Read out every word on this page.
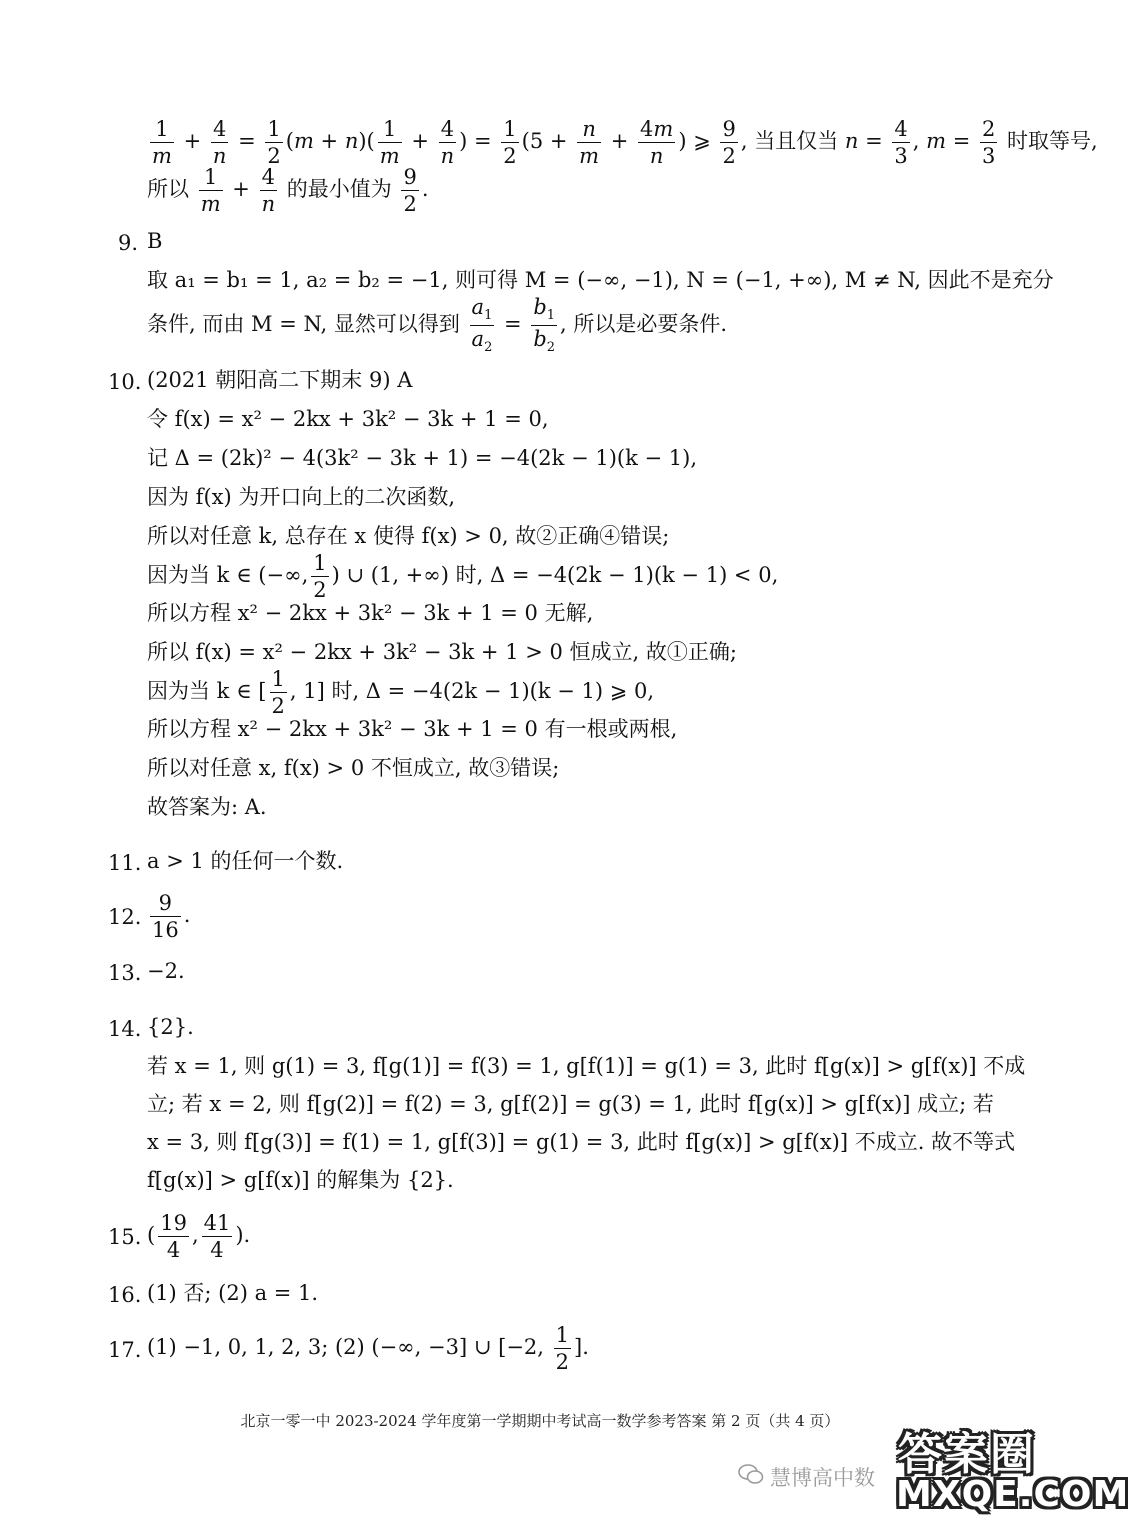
$\frac{1}{m} + \frac{4}{n} = \frac{1}{2} (m + n)( \frac{1}{m} + \frac{4}{n}$ ) = $\frac{1}{2} (5 + \frac{n}{m} + \frac{4m}{n}$ ) ⩾ $\frac{9}{2}$ , 当且仅当 $n = \frac{4}{3}$ , $m = \frac{2}{3}$ 时取等号,
所以 $\frac{1}{m} + \frac{4}{n}$ 的最小值为 $\frac{9}{2}$ .
9. B
取 a₁ = b₁ = 1, a₂ = b₂ = −1, 则可得 M = (−∞, −1), N = (−1, +∞), M ≠ N, 因此不是充分
条件, 而由 M = N, 显然可以得到 $\frac{a_1}{a_2} = \frac{b_1}{b_2}$ , 所以是必要条件.
10. (2021 朝阳高二下期末 9) A
令 f(x) = x² − 2kx + 3k² − 3k + 1 = 0,
记 Δ = (2k)² − 4(3k² − 3k + 1) = −4(2k − 1)(k − 1),
因为 f(x) 为开口向上的二次函数,
所以对任意 k, 总存在 x 使得 f(x) > 0, 故②正确④错误;
因为当 k ∈ (−∞, $\frac{1}{2}$ ) ∪ (1, +∞) 时, Δ = −4(2k − 1)(k − 1) < 0,
所以方程 x² − 2kx + 3k² − 3k + 1 = 0 无解,
所以 f(x) = x² − 2kx + 3k² − 3k + 1 > 0 恒成立, 故①正确;
因为当 k ∈ [ $\frac{1}{2}$ , 1] 时, Δ = −4(2k − 1)(k − 1) ⩾ 0,
所以方程 x² − 2kx + 3k² − 3k + 1 = 0 有一根或两根,
所以对任意 x, f(x) > 0 不恒成立, 故③错误;
故答案为: A.
11. a > 1 的任何一个数.
12. $\frac{9}{16}$ .
13. −2.
14. {2}.
若 x = 1, 则 g(1) = 3, f[g(1)] = f(3) = 1, g[f(1)] = g(1) = 3, 此时 f[g(x)] > g[f(x)] 不成
立; 若 x = 2, 则 f[g(2)] = f(2) = 3, g[f(2)] = g(3) = 1, 此时 f[g(x)] > g[f(x)] 成立; 若
x = 3, 则 f[g(3)] = f(1) = 1, g[f(3)] = g(1) = 3, 此时 f[g(x)] > g[f(x)] 不成立. 故不等式
f[g(x)] > g[f(x)] 的解集为 {2}.
15. ( $\frac{19}{4}$ , $\frac{41}{4}$ ).
16. (1) 否; (2) a = 1.
17. (1) −1, 0, 1, 2, 3; (2) (−∞, −3] ∪ [−2, $\frac{1}{2}$ ].
北京一零一中 2023-2024 学年度第一学期期中考试高一数学参考答案 第 2 页（共 4 页）
慧博高中数 答案圈
MXQE.COM
